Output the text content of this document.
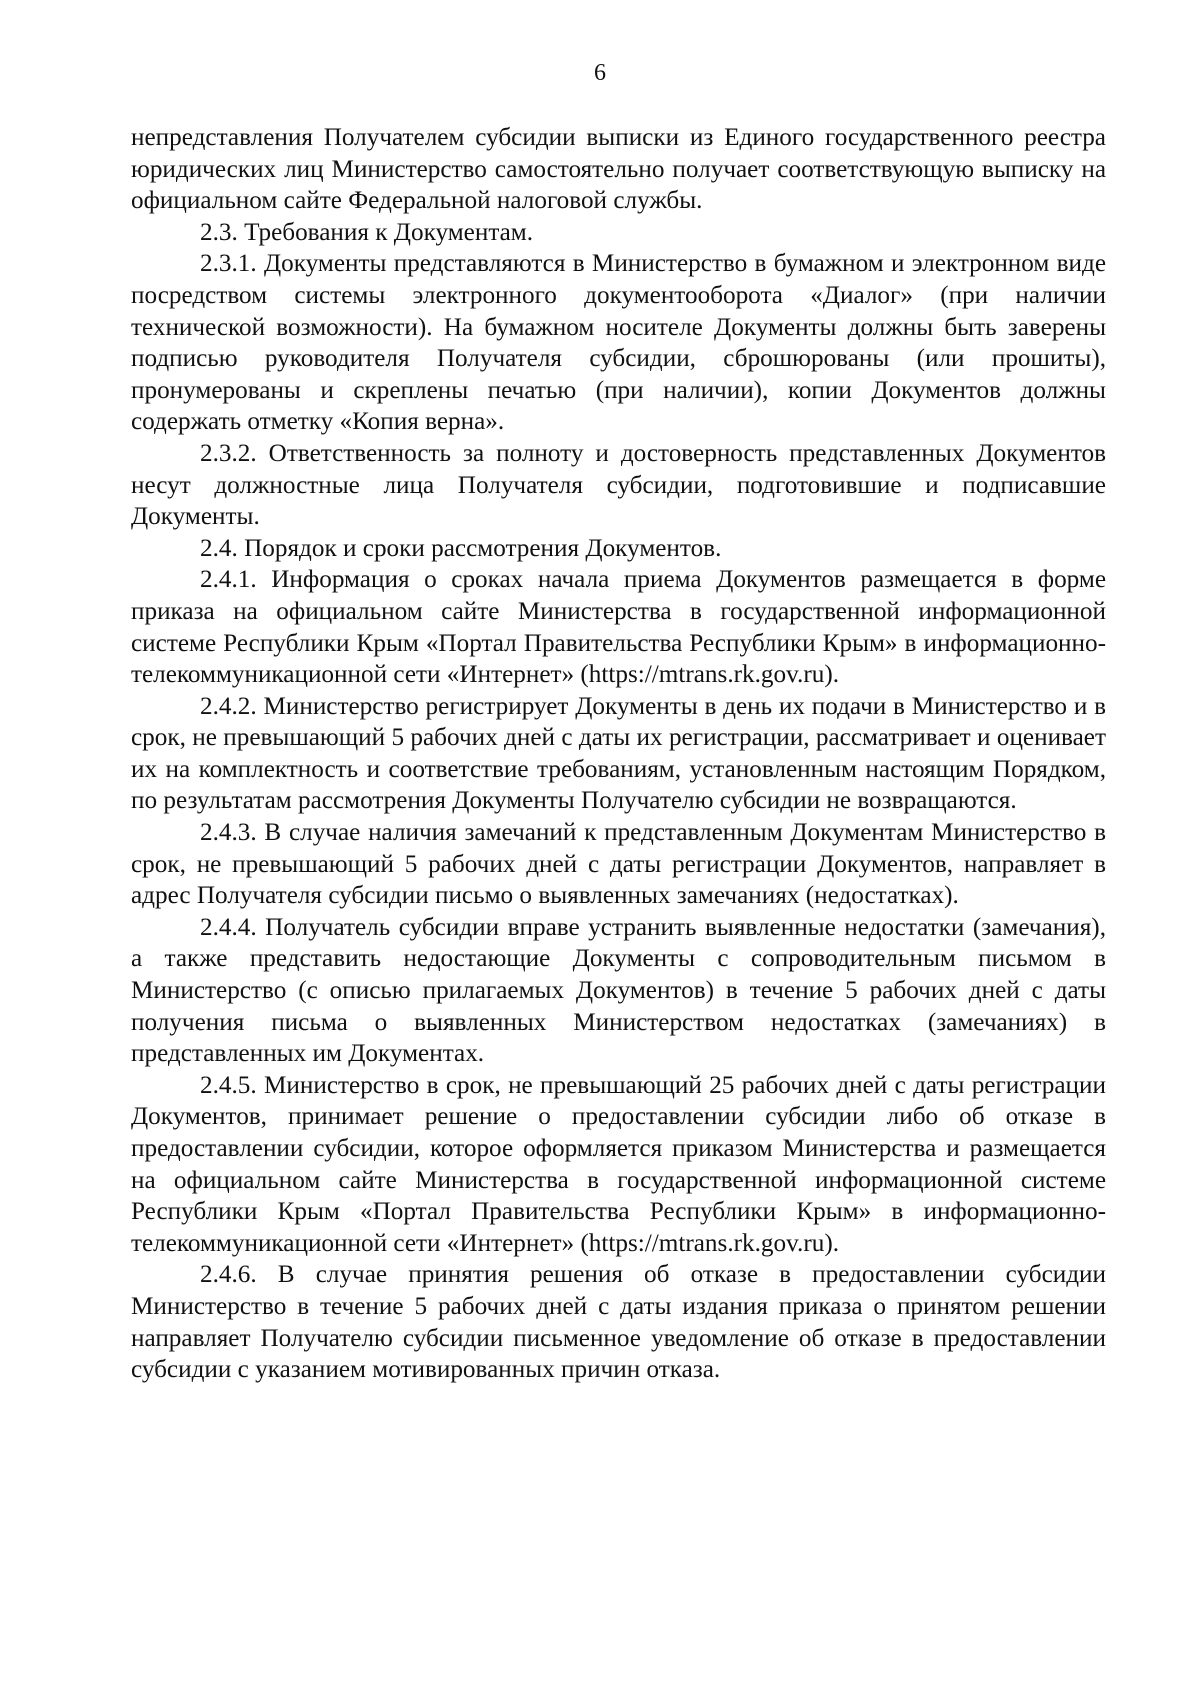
6

непредставления Получателем субсидии выписки из Единого государственного реестра юридических лиц Министерство самостоятельно получает соответствующую выписку на официальном сайте Федеральной налоговой службы.

2.3. Требования к Документам.

2.3.1. Документы представляются в Министерство в бумажном и электронном виде посредством системы электронного документооборота «Диалог» (при наличии технической возможности). На бумажном носителе Документы должны быть заверены подписью руководителя Получателя субсидии, сброшюрованы (или прошиты), пронумерованы и скреплены печатью (при наличии), копии Документов должны содержать отметку «Копия верна».

2.3.2. Ответственность за полноту и достоверность представленных Документов несут должностные лица Получателя субсидии, подготовившие и подписавшие Документы.

2.4. Порядок и сроки рассмотрения Документов.

2.4.1. Информация о сроках начала приема Документов размещается в форме приказа на официальном сайте Министерства в государственной информационной системе Республики Крым «Портал Правительства Республики Крым» в информационно-телекоммуникационной сети «Интернет» (https://mtrans.rk.gov.ru).

2.4.2. Министерство регистрирует Документы в день их подачи в Министерство и в срок, не превышающий 5 рабочих дней с даты их регистрации, рассматривает и оценивает их на комплектность и соответствие требованиям, установленным настоящим Порядком, по результатам рассмотрения Документы Получателю субсидии не возвращаются.

2.4.3. В случае наличия замечаний к представленным Документам Министерство в срок, не превышающий 5 рабочих дней с даты регистрации Документов, направляет в адрес Получателя субсидии письмо о выявленных замечаниях (недостатках).

2.4.4. Получатель субсидии вправе устранить выявленные недостатки (замечания), а также представить недостающие Документы с сопроводительным письмом в Министерство (с описью прилагаемых Документов) в течение 5 рабочих дней с даты получения письма о выявленных Министерством недостатках (замечаниях) в представленных им Документах.

2.4.5. Министерство в срок, не превышающий 25 рабочих дней с даты регистрации Документов, принимает решение о предоставлении субсидии либо об отказе в предоставлении субсидии, которое оформляется приказом Министерства и размещается на официальном сайте Министерства в государственной информационной системе Республики Крым «Портал Правительства Республики Крым» в информационно-телекоммуникационной сети «Интернет» (https://mtrans.rk.gov.ru).

2.4.6. В случае принятия решения об отказе в предоставлении субсидии Министерство в течение 5 рабочих дней с даты издания приказа о принятом решении направляет Получателю субсидии письменное уведомление об отказе в предоставлении субсидии с указанием мотивированных причин отказа.
